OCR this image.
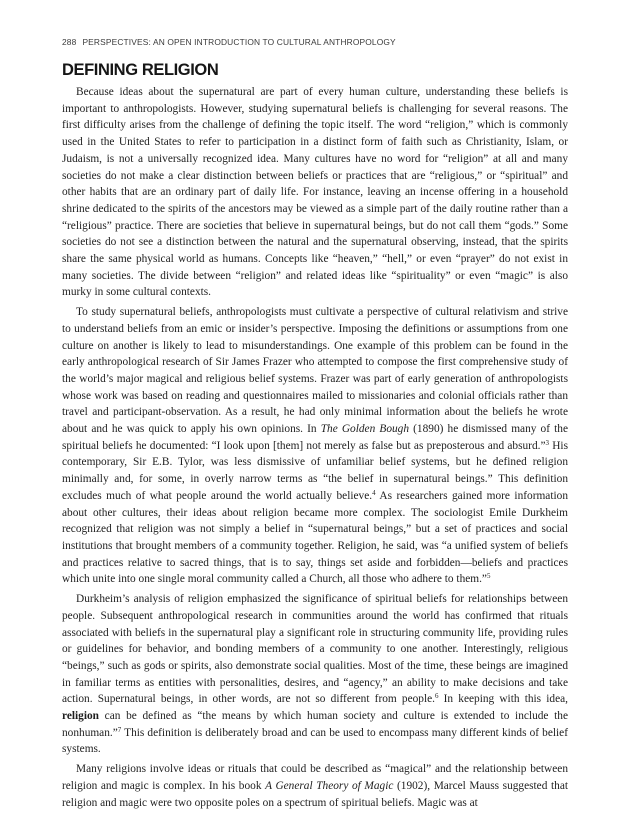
288 PERSPECTIVES: AN OPEN INTRODUCTION TO CULTURAL ANTHROPOLOGY
DEFINING RELIGION

Because ideas about the supernatural are part of every human culture, understanding these beliefs is important to anthropologists. However, studying supernatural beliefs is challenging for several reasons. The first difficulty arises from the challenge of defining the topic itself. The word “religion,” which is commonly used in the United States to refer to participation in a distinct form of faith such as Christianity, Islam, or Judaism, is not a universally recognized idea. Many cultures have no word for “religion” at all and many societies do not make a clear distinction between beliefs or practices that are “religious,” or “spiritual” and other habits that are an ordinary part of daily life. For instance, leaving an incense offering in a household shrine dedicated to the spirits of the ancestors may be viewed as a simple part of the daily routine rather than a “religious” practice. There are societies that believe in supernatural beings, but do not call them “gods.” Some societies do not see a distinction between the natural and the supernatural observing, instead, that the spirits share the same physical world as humans. Concepts like “heaven,” “hell,” or even “prayer” do not exist in many societies. The divide between “religion” and related ideas like “spirituality” or even “magic” is also murky in some cultural contexts.

To study supernatural beliefs, anthropologists must cultivate a perspective of cultural relativism and strive to understand beliefs from an emic or insider’s perspective. Imposing the definitions or assumptions from one culture on another is likely to lead to misunderstandings. One example of this problem can be found in the early anthropological research of Sir James Frazer who attempted to compose the first comprehensive study of the world’s major magical and religious belief systems. Frazer was part of early generation of anthropologists whose work was based on reading and questionnaires mailed to missionaries and colonial officials rather than travel and participant-observation. As a result, he had only minimal information about the beliefs he wrote about and he was quick to apply his own opinions. In The Golden Bough (1890) he dismissed many of the spiritual beliefs he documented: “I look upon [them] not merely as false but as preposterous and absurd.”$^3$ His contemporary, Sir E.B. Tylor, was less dismissive of unfamiliar belief systems, but he defined religion minimally and, for some, in overly narrow terms as “the belief in supernatural beings.” This definition excludes much of what people around the world actually believe.$^4$ As researchers gained more information about other cultures, their ideas about religion became more complex. The sociologist Emile Durkheim recognized that religion was not simply a belief in “supernatural beings,” but a set of practices and social institutions that brought members of a community together. Religion, he said, was “a unified system of beliefs and practices relative to sacred things, that is to say, things set aside and forbidden—beliefs and practices which unite into one single moral community called a Church, all those who adhere to them.”$^5$

Durkheim’s analysis of religion emphasized the significance of spiritual beliefs for relationships between people. Subsequent anthropological research in communities around the world has confirmed that rituals associated with beliefs in the supernatural play a significant role in structuring community life, providing rules or guidelines for behavior, and bonding members of a community to one another. Interestingly, religious “beings,” such as gods or spirits, also demonstrate social qualities. Most of the time, these beings are imagined in familiar terms as entities with personalities, desires, and “agency,” an ability to make decisions and take action. Supernatural beings, in other words, are not so different from people.$^6$ In keeping with this idea, religion can be defined as “the means by which human society and culture is extended to include the nonhuman.”$^7$ This definition is deliberately broad and can be used to encompass many different kinds of belief systems.

Many religions involve ideas or rituals that could be described as “magical” and the relationship between religion and magic is complex. In his book A General Theory of Magic (1902), Marcel Mauss suggested that religion and magic were two opposite poles on a spectrum of spiritual beliefs. Magic was at
